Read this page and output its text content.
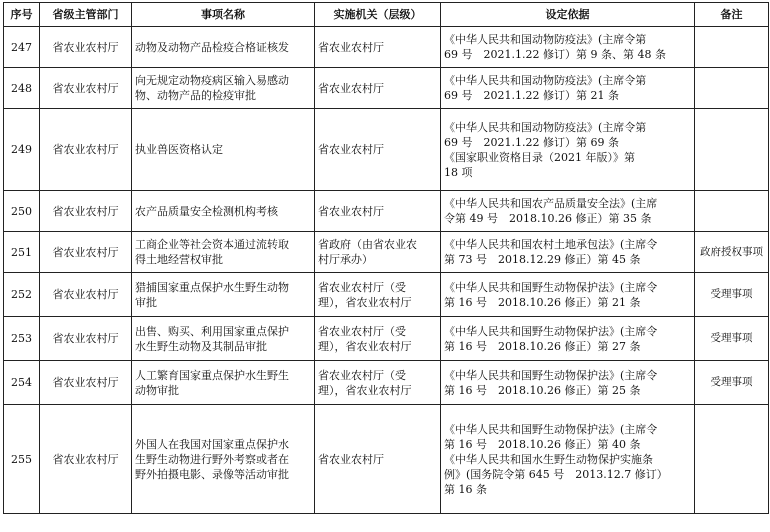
序号	省级主管部门	事项名称	实施机关（层级）	设定依据	备注
247	省农业农村厅	动物及动物产品检疫合格证核发	省农业农村厅	《中华人民共和国动物防疫法》(主席令第
69 号　2021.1.22 修订）第 9 条、第 48 条	

248	省农业农村厅	向无规定动物疫病区输入易感动
物、动物产品的检疫审批	省农业农村厅	《中华人民共和国动物防疫法》(主席令第
69 号　2021.1.22 修订）第 21 条	

249	省农业农村厅	执业兽医资格认定	省农业农村厅	《中华人民共和国动物防疫法》(主席令第
69 号　2021.1.22 修订）第 69 条
《国家职业资格目录（2021 年版）》第
18 项	

250	省农业农村厅	农产品质量安全检测机构考核	省农业农村厅	《中华人民共和国农产品质量安全法》(主席
令第 49 号　2018.10.26 修正）第 35 条	

251	省农业农村厅	工商企业等社会资本通过流转取
得土地经营权审批	省政府（由省农业农
村厅承办）	《中华人民共和国农村土地承包法》(主席令
第 73 号　2018.12.29 修正）第 45 条	政府授权事项
252	省农业农村厅	猎捕国家重点保护水生野生动物
审批	省农业农村厅（受
理），省农业农村厅	《中华人民共和国野生动物保护法》(主席令
第 16 号　2018.10.26 修正）第 21 条	受理事项
253	省农业农村厅	出售、购买、利用国家重点保护
水生野生动物及其制品审批	省农业农村厅（受
理），省农业农村厅	《中华人民共和国野生动物保护法》(主席令
第 16 号　2018.10.26 修正）第 27 条	受理事项
254	省农业农村厅	人工繁育国家重点保护水生野生
动物审批	省农业农村厅（受
理），省农业农村厅	《中华人民共和国野生动物保护法》(主席令
第 16 号　2018.10.26 修正）第 25 条	受理事项
255	省农业农村厅	外国人在我国对国家重点保护水
生野生动物进行野外考察或者在
野外拍摄电影、录像等活动审批	省农业农村厅	《中华人民共和国野生动物保护法》(主席令
第 16 号　2018.10.26 修正）第 40 条
《中华人民共和国水生野生动物保护实施条
例》(国务院令第 645 号　2013.12.7 修订）
第 16 条	
